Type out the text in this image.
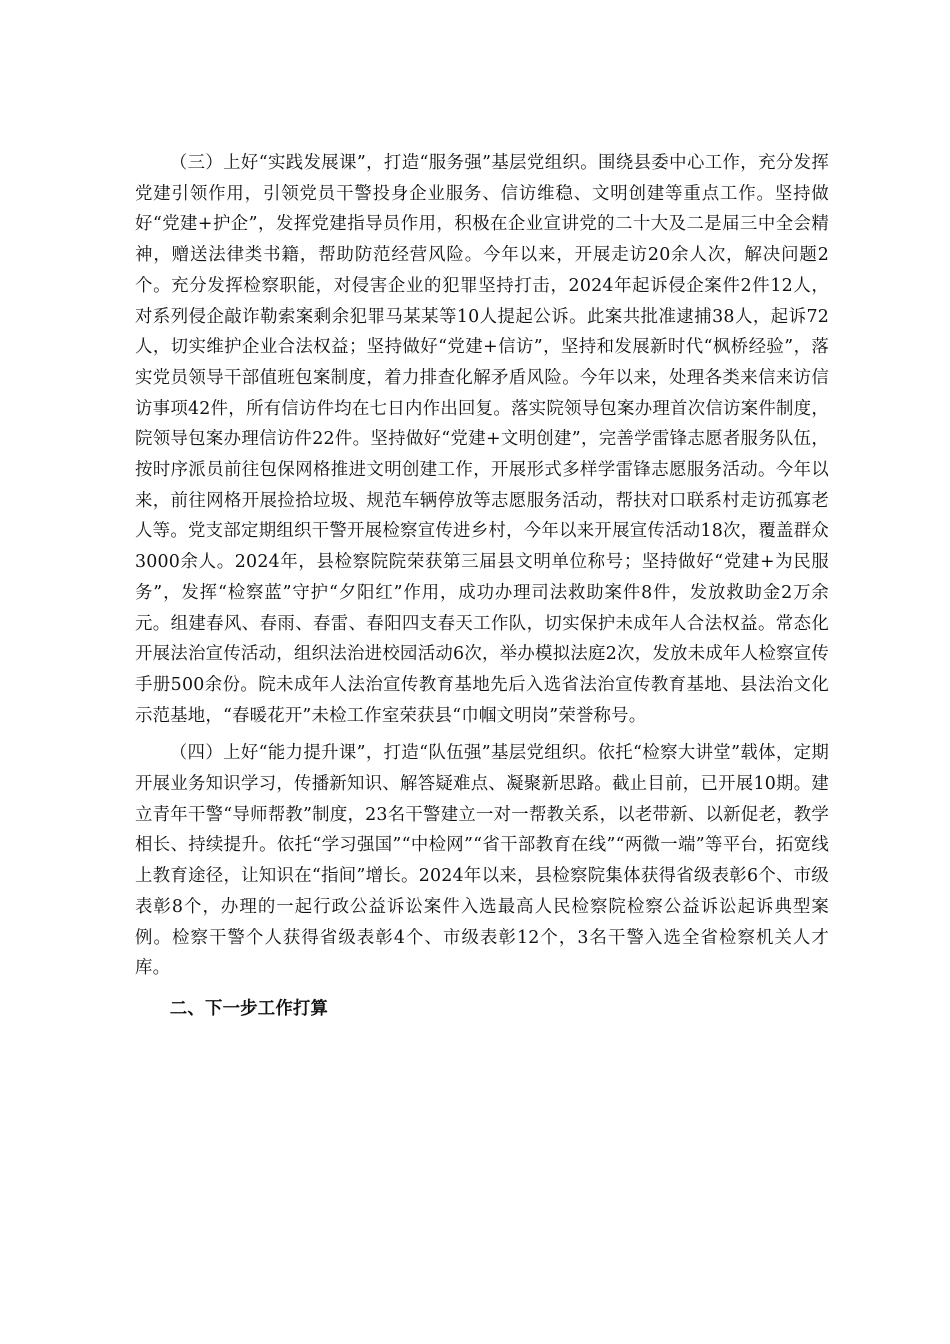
（三）上好“实践发展课”，打造“服务强”基层党组织。围绕县委中心工作，充分发挥党建引领作用，引领党员干警投身企业服务、信访维稳、文明创建等重点工作。坚持做好“党建+护企”，发挥党建指导员作用，积极在企业宣讲党的二十大及二是届三中全会精神，赠送法律类书籍，帮助防范经营风险。今年以来，开展走访20余人次，解决问题2个。充分发挥检察职能，对侵害企业的犯罪坚持打击，2024年起诉侵企案件2件12人，对系列侵企敲诈勒索案剩余犯罪马某某等10人提起公诉。此案共批准逮捕38人，起诉72人，切实维护企业合法权益；坚持做好“党建+信访”，坚持和发展新时代“枫桥经验”，落实党员领导干部值班包案制度，着力排查化解矛盾风险。今年以来，处理各类来信来访信访事项42件，所有信访件均在七日内作出回复。落实院领导包案办理首次信访案件制度，院领导包案办理信访件22件。坚持做好“党建+文明创建”，完善学雷锋志愿者服务队伍，按时序派员前往包保网格推进文明创建工作，开展形式多样学雷锋志愿服务活动。今年以来，前往网格开展捡拾垃圾、规范车辆停放等志愿服务活动，帮扶对口联系村走访孤寡老人等。党支部定期组织干警开展检察宣传进乡村，今年以来开展宣传活动18次，覆盖群众3000余人。2024年，县检察院院荣获第三届县文明单位称号；坚持做好“党建+为民服务”，发挥“检察蓝”守护“夕阳红”作用，成功办理司法救助案件8件，发放救助金2万余元。组建春风、春雨、春雷、春阳四支春天工作队，切实保护未成年人合法权益。常态化开展法治宣传活动，组织法治进校园活动6次，举办模拟法庭2次，发放未成年人检察宣传手册500余份。院未成年人法治宣传教育基地先后入选省法治宣传教育基地、县法治文化示范基地，“春暖花开”未检工作室荣获县“巾帼文明岗”荣誉称号。

（四）上好“能力提升课”，打造“队伍强”基层党组织。依托“检察大讲堂”载体，定期开展业务知识学习，传播新知识、解答疑难点、凝聚新思路。截止目前，已开展10期。建立青年干警“导师帮教”制度，23名干警建立一对一帮教关系，以老带新、以新促老，教学相长、持续提升。依托“学习强国”“中检网”“省干部教育在线”“两微一端”等平台，拓宽线上教育途径，让知识在“指间”增长。2024年以来，县检察院集体获得省级表彰6个、市级表彰8个，办理的一起行政公益诉讼案件入选最高人民检察院检察公益诉讼起诉典型案例。检察干警个人获得省级表彰4个、市级表彰12个，3名干警入选全省检察机关人才库。

二、下一步工作打算
